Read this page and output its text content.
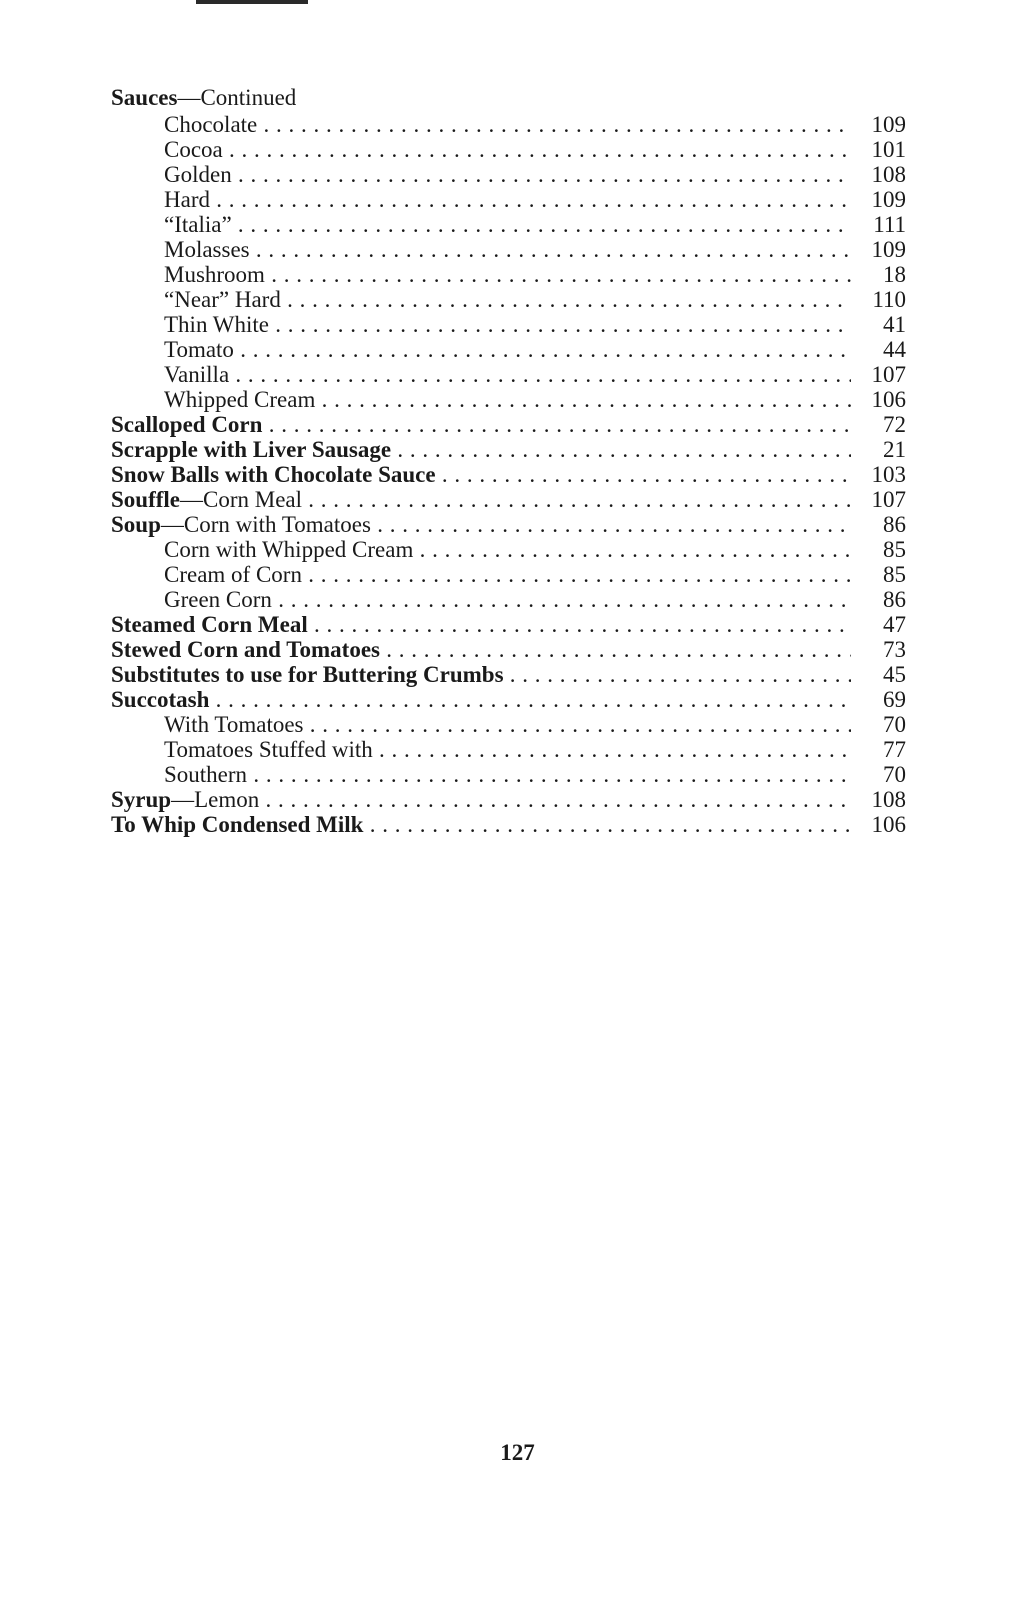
Sauces—Continued
109
Chocolate . . .
101
Cocoa . . .
108
Golden . . .
109
Hard . . .
111
“Italia” . . .
109
Molasses . . .
18
Mushroom . . .
110
“Near” Hard . . .
41
Thin White . . .
44
Tomato . . .
107
Vanilla . . .
106
Whipped Cream . . .
72
Scalloped Corn . . .
21
Scrapple with Liver Sausage . . .
103
Snow Balls with Chocolate Sauce . . .
107
Souffle—Corn Meal . . .
86
Soup—Corn with Tomatoes . . .
85
Corn with Whipped Cream . . .
85
Cream of Corn . . .
86
Green Corn . . .
47
Steamed Corn Meal . . .
73
Stewed Corn and Tomatoes . . .
45
Substitutes to use for Buttering Crumbs . . .
69
Succotash . . .
70
With Tomatoes . . .
77
Tomatoes Stuffed with . . .
70
Southern . . .
108
Syrup—Lemon . . .
106
To Whip Condensed Milk . . .
127
